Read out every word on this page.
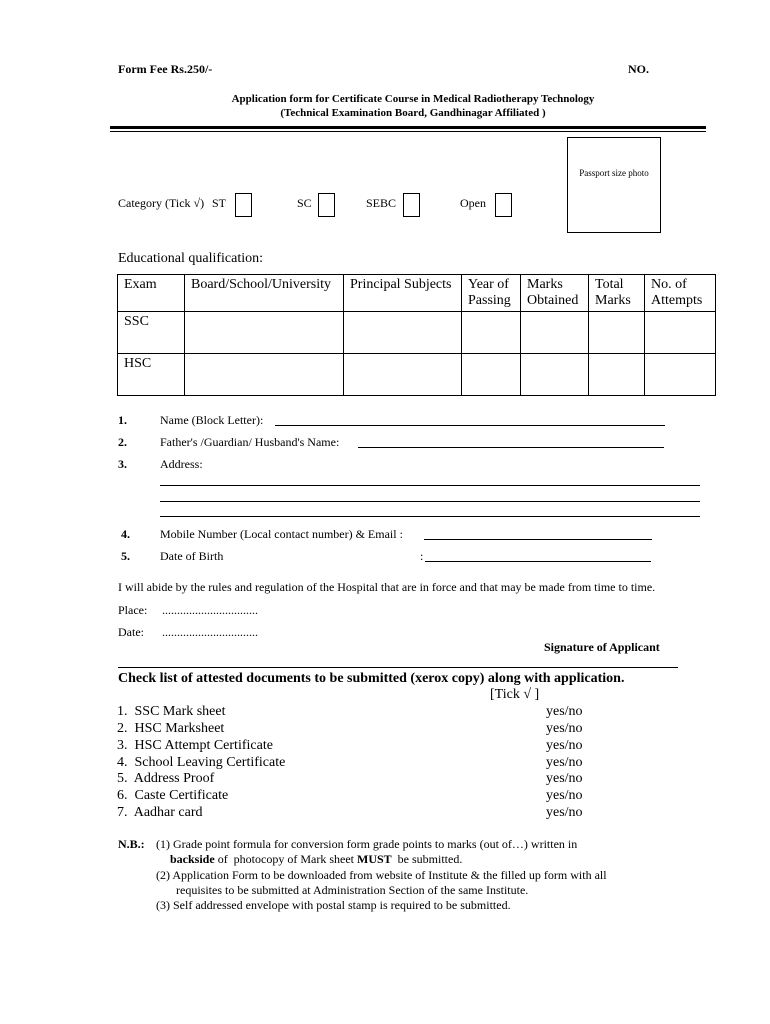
Form Fee Rs.250/-	NO.
Application form for Certificate Course in Medical Radiotherapy Technology
(Technical Examination Board, Gandhinagar Affiliated )
Passport size photo
Category (Tick √) ST	SC	SEBC	Open
Educational qualification:
Exam	Board/School/University	Principal Subjects	Year of Passing	Marks Obtained	Total Marks	No. of Attempts
SSC						
HSC						
1.	Name (Block Letter):
2.	Father's /Guardian/ Husband's Name:
3.	Address:
4.	Mobile Number (Local contact number) & Email :
5.	Date of Birth	:
I will abide by the rules and regulation of the Hospital that are in force and that may be made from time to time.
Place: ................................
Date: ................................
Signature of Applicant
Check list of attested documents to be submitted (xerox copy) along with application.
[Tick √ ]
1. SSC Mark sheet	yes/no
2. HSC Marksheet	yes/no
3. HSC Attempt Certificate	yes/no
4. School Leaving Certificate	yes/no
5. Address Proof	yes/no
6. Caste Certificate	yes/no
7. Aadhar card	yes/no
N.B.: (1) Grade point formula for conversion form grade points to marks (out of…) written in
backside of  photocopy of Mark sheet MUST  be submitted.
(2) Application Form to be downloaded from website of Institute & the filled up form with all
requisites to be submitted at Administration Section of the same Institute.
(3) Self addressed envelope with postal stamp is required to be submitted.
